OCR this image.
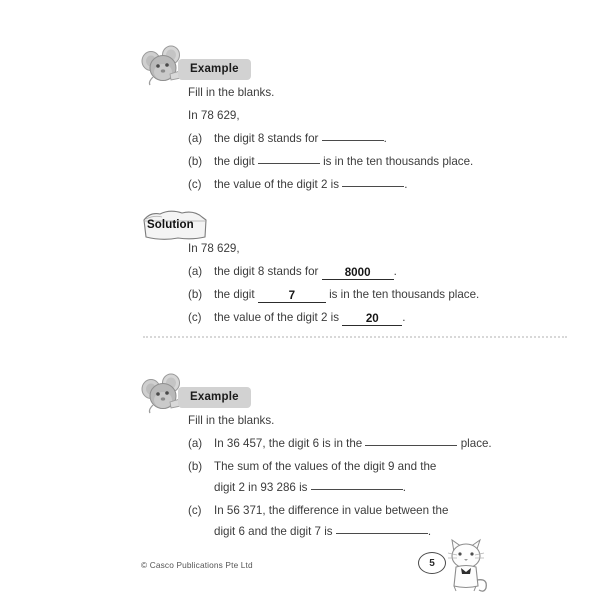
Example

Fill in the blanks.

In 78 629,

(a) the digit 8 stands for	.
(b) the digit	is in the ten thousands place.
(c) the value of the digit 2 is	.
Solution

In 78 629,

(a) the digit 8 stands for 8000 .
(b) the digit	7	is in the ten thousands place.
(c) the value of the digit 2 is 20 .
Example

Fill in the blanks.

(a) In 36 457, the digit 6 is in the	place.
(b) The sum of the values of the digit 9 and the
digit 2 in 93 286 is	.
(c) In 56 371, the difference in value between the
digit 6 and the digit 7 is	.
© Casco Publications Pte Ltd	5
